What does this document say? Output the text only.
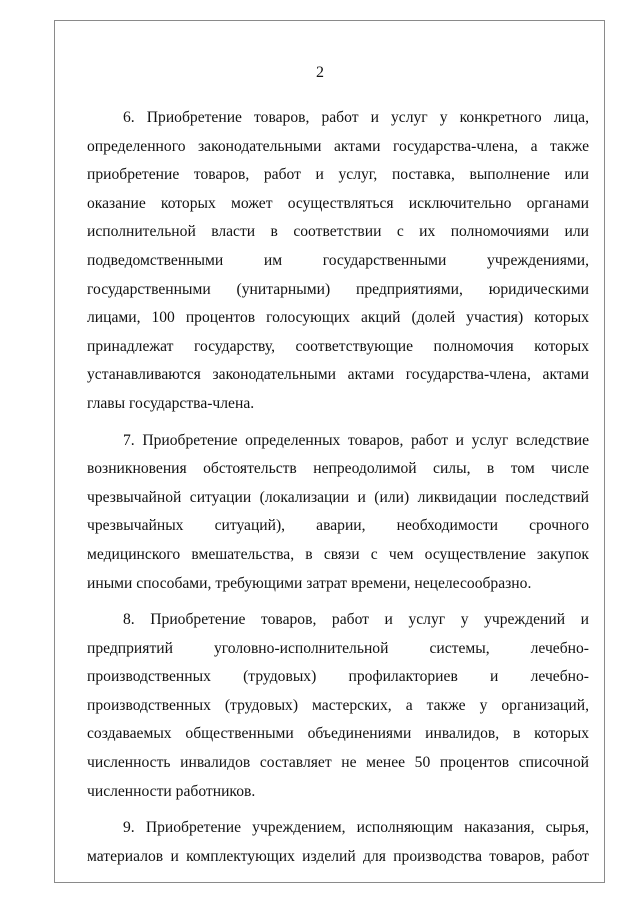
2

6. Приобретение товаров, работ и услуг у конкретного лица,
определенного законодательными актами государства-члена, а также
приобретение товаров, работ и услуг, поставка, выполнение или
оказание которых может осуществляться исключительно органами
исполнительной власти в соответствии с их полномочиями или
подведомственными им государственными учреждениями,
государственными (унитарными) предприятиями, юридическими
лицами, 100 процентов голосующих акций (долей участия) которых
принадлежат государству, соответствующие полномочия которых
устанавливаются законодательными актами государства-члена, актами
главы государства-члена.

7. Приобретение определенных товаров, работ и услуг вследствие
возникновения обстоятельств непреодолимой силы, в том числе
чрезвычайной ситуации (локализации и (или) ликвидации последствий
чрезвычайных ситуаций), аварии, необходимости срочного
медицинского вмешательства, в связи с чем осуществление закупок
иными способами, требующими затрат времени, нецелесообразно.

8. Приобретение товаров, работ и услуг у учреждений и
предприятий уголовно-исполнительной системы, лечебно-
производственных (трудовых) профилакториев и лечебно-
производственных (трудовых) мастерских, а также у организаций,
создаваемых общественными объединениями инвалидов, в которых
численность инвалидов составляет не менее 50 процентов списочной
численности работников.

9. Приобретение учреждением, исполняющим наказания, сырья,
материалов и комплектующих изделий для производства товаров, работ
